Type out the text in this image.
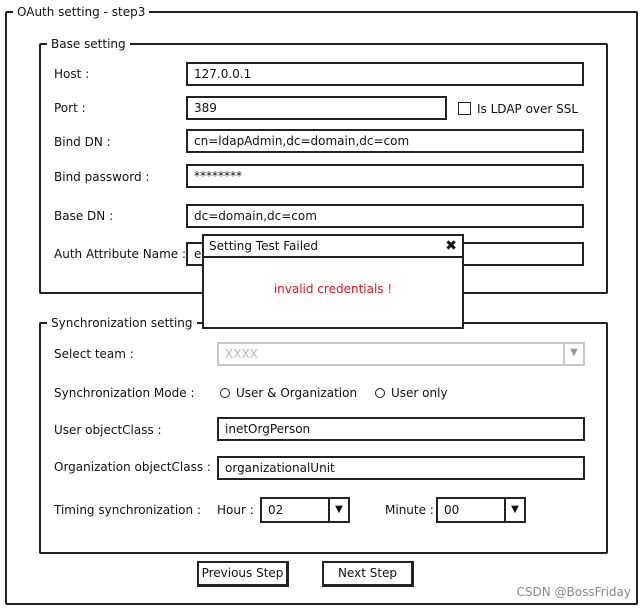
OAuth setting - step3
Base setting
Host :	127.0.0.1
Port :	389	Is LDAP over SSL
Bind DN :	cn=ldapAdmin,dc=domain,dc=com
Bind password :	********
Base DN :	dc=domain,dc=com
Auth Attribute Name : e
Synchronization setting
Select team :	XXXX	▼
Synchronization Mode :	User & Organization	User only
User objectClass :	inetOrgPerson
Organization objectClass :	organizationalUnit
Timing synchronization : Hour :	02	▼	Minute : 00	▼
Previous Step	Next Step
Setting Test Failed	✖
invalid credentials !
CSDN @BossFriday
